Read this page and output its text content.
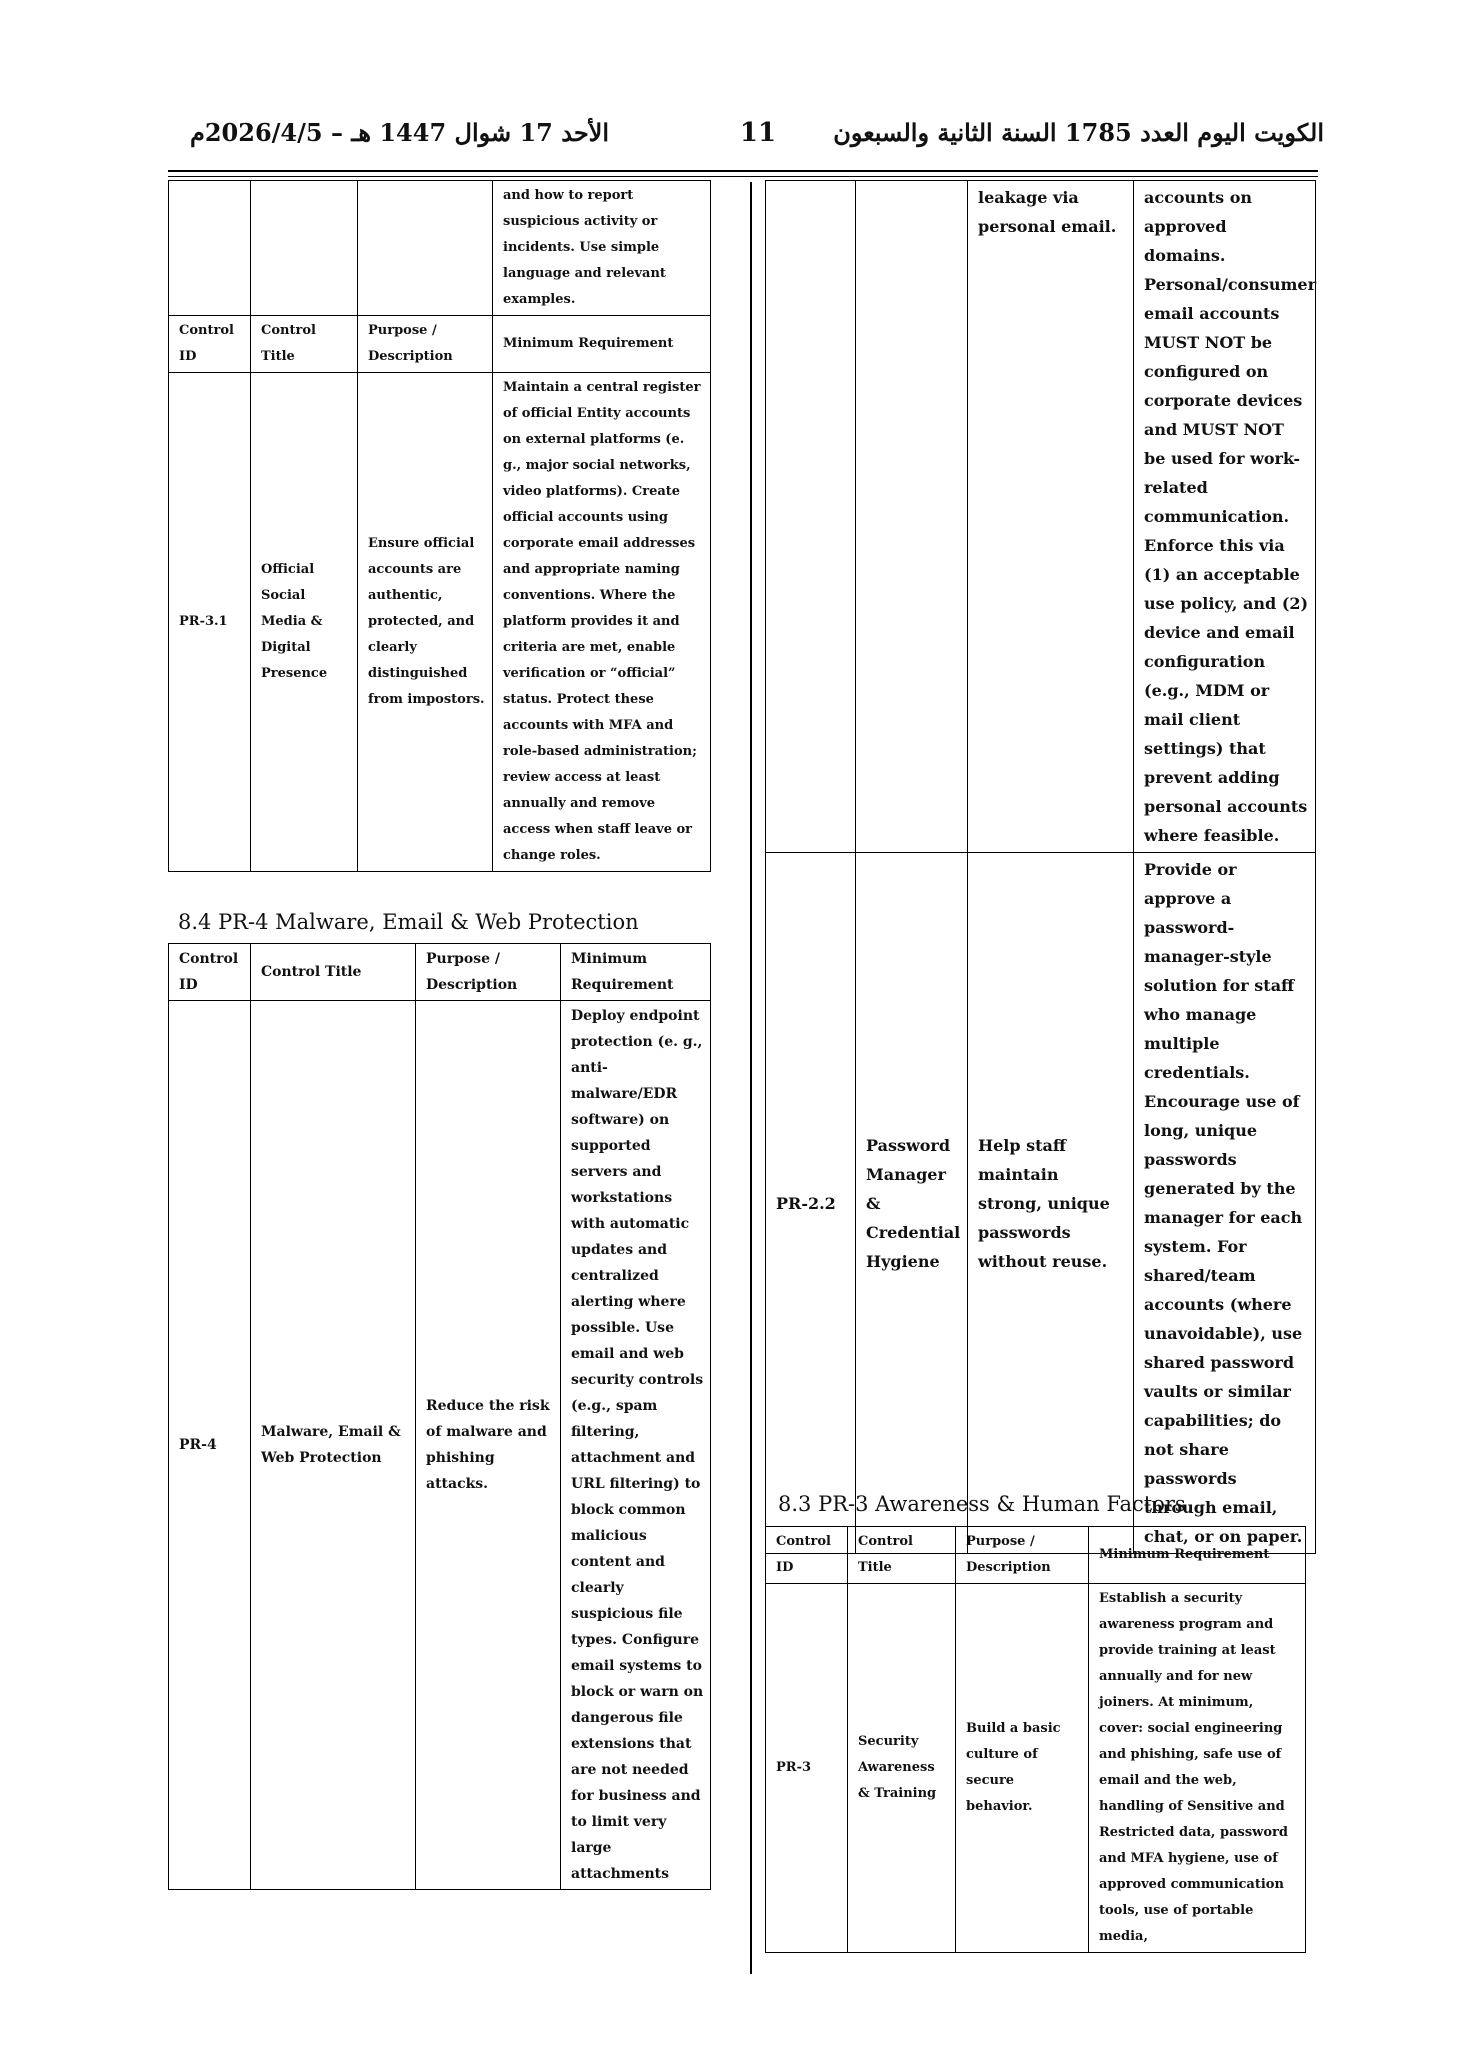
الأحد 17 شوال 1447 هـ – 2026/4/5م	11 الكويت اليوم العدد 1785 السنة الثانية والسبعون
			and how to report suspicious activity or incidents. Use simple language and relevant examples.
Control ID	Control Title	Purpose / Description	Minimum Requirement
PR-3.1	Official Social Media & Digital Presence	Ensure official accounts are authentic, protected, and clearly distinguished from impostors.	Maintain a central register of official Entity accounts on external platforms (e. g., major social networks, video platforms). Create official accounts using corporate email addresses and appropriate naming conventions. Where the platform provides it and criteria are met, enable verification or “official” status. Protect these accounts with MFA and role-based administration; review access at least annually and remove access when staff leave or change roles.
8.4 PR-4 Malware, Email & Web Protection
Control ID	Control Title	Purpose / Description	Minimum Requirement
PR-4	Malware, Email & Web Protection	Reduce the risk of malware and phishing attacks.	Deploy endpoint protection (e. g., anti-malware/EDR software) on supported servers and workstations with automatic updates and centralized alerting where possible. Use email and web security controls (e.g., spam filtering, attachment and URL filtering) to block common malicious content and clearly suspicious file types. Configure email systems to block or warn on dangerous file extensions that are not needed for business and to limit very large attachments
		leakage via personal email.	accounts on approved domains. Personal/consumer email accounts MUST NOT be configured on corporate devices and MUST NOT be used for work-related communication. Enforce this via (1) an acceptable use policy, and (2) device and email configuration (e.g., MDM or mail client settings) that prevent adding personal accounts where feasible.
PR-2.2	Password Manager & Credential Hygiene	Help staff maintain strong, unique passwords without reuse.	Provide or approve a password-manager-style solution for staff who manage multiple credentials. Encourage use of long, unique passwords generated by the manager for each system. For shared/team accounts (where unavoidable), use shared password vaults or similar capabilities; do not share passwords through email, chat, or on paper.
8.3 PR-3 Awareness & Human Factors
Control ID	Control Title	Purpose / Description	Minimum Requirement
PR-3	Security Awareness & Training	Build a basic culture of secure behavior.	Establish a security awareness program and provide training at least annually and for new joiners. At minimum, cover: social engineering and phishing, safe use of email and the web, handling of Sensitive and Restricted data, password and MFA hygiene, use of approved communication tools, use of portable media,
